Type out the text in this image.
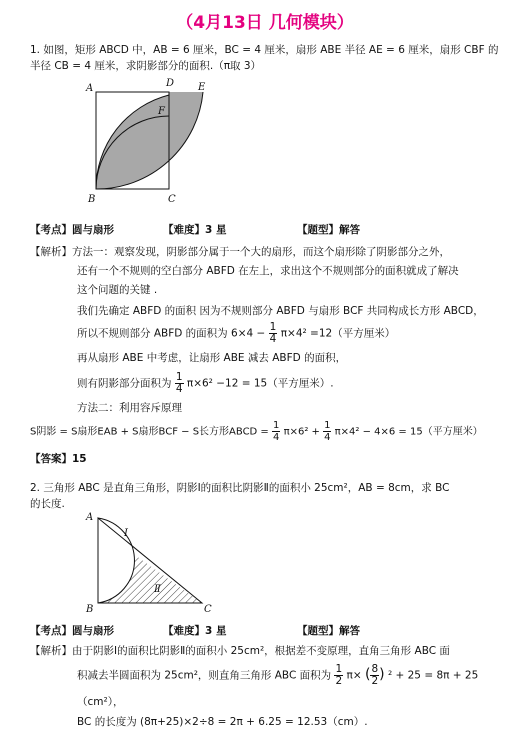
（4月13日 几何模块）
1. 如图，矩形 ABCD 中，AB = 6 厘米，BC = 4 厘米，扇形 ABE 半径 AE = 6 厘米，扇形 CBF 的
半径 CB = 4 厘米，求阴影部分的面积.（π取 3）
A	D E
F
B	C
【考点】圆与扇形	【难度】3 星	【题型】解答
【解析】方法一：观察发现，阴影部分属于一个大的扇形，而这个扇形除了阴影部分之外，
还有一个不规则的空白部分 ABFD 在左上，求出这个不规则部分的面积就成了解决
这个问题的关键 .
我们先确定 ABFD 的面积 因为不规则部分 ABFD 与扇形 BCF 共同构成长方形 ABCD，
所以不规则部分 ABFD 的面积为 $6\times 4 - \frac{1}{4} \pi\times 4^2 =12$（平方厘米）
再从扇形 ABE 中考虑，让扇形 ABE 减去 ABFD 的面积，
则有阴影部分面积为 $\frac{1}{4} \pi\times 6^2 -12 = 15$（平方厘米）.
方法二：利用容斥原理
S阴影 = S扇形EAB + S扇形BCF − S长方形ABCD = $\frac{1}{4} \pi\times 6^2 + \frac{1}{4} \pi\times 4^2 - 4\times 6 = 15$（平方厘米）
【答案】15
2. 三角形 ABC 是直角三角形，阴影Ⅰ的面积比阴影Ⅱ的面积小 25cm²，AB = 8cm，求 BC
的长度.
A
B	C
Ⅰ
Ⅱ
【考点】圆与扇形	【难度】3 星	【题型】解答
【解析】由于阴影Ⅰ的面积比阴影Ⅱ的面积小 25cm²，根据差不变原理，直角三角形 ABC 面
积减去半圆面积为 25cm²，则直角三角形 ABC 面积为 $\frac{1}{2} \pi\times$ ( $\frac{8}{2}$ ) ² + 25 = 8π + 25
（cm²），
BC 的长度为 (8π+25)×2÷8 = 2π + 6.25 = 12.53（cm）.
